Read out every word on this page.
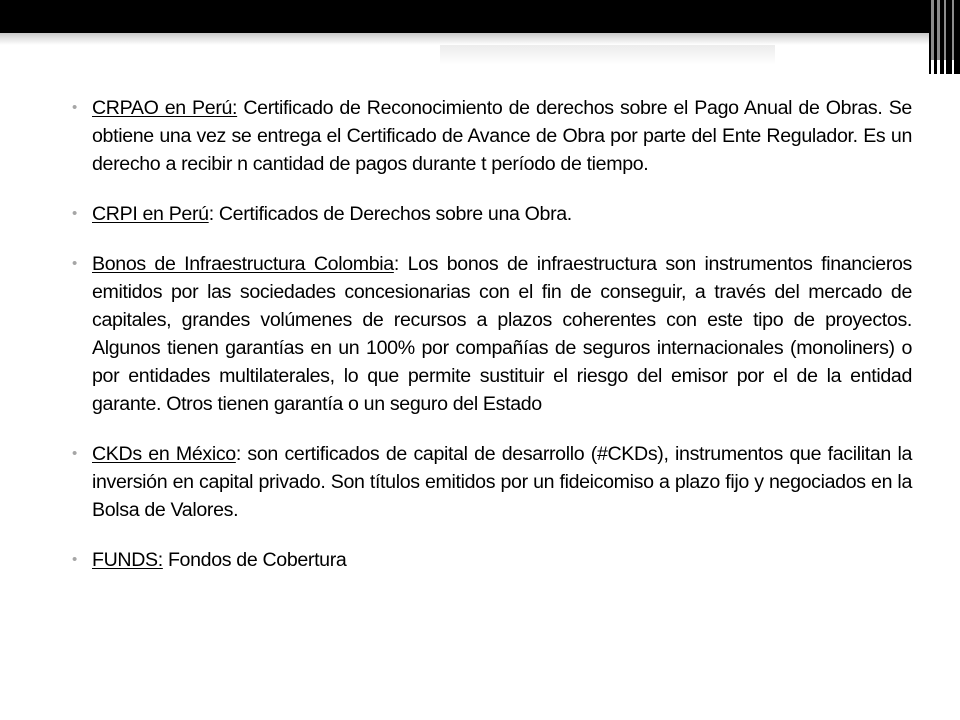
• CRPAO en Perú: Certificado de Reconocimiento de derechos sobre el Pago Anual de Obras. Se obtiene una vez se entrega el Certificado de Avance de Obra por parte del Ente Regulador. Es un derecho a recibir n cantidad de pagos durante t período de tiempo.
• CRPI en Perú: Certificados de Derechos sobre una Obra.
• Bonos de Infraestructura Colombia: Los bonos de infraestructura son instrumentos financieros emitidos por las sociedades concesionarias con el fin de conseguir, a través del mercado de capitales, grandes volúmenes de recursos a plazos coherentes con este tipo de proyectos. Algunos tienen garantías en un 100% por compañías de seguros internacionales (monoliners) o por entidades multilaterales, lo que permite sustituir el riesgo del emisor por el de la entidad garante. Otros tienen garantía o un seguro del Estado
• CKDs en México: son certificados de capital de desarrollo (#CKDs), instrumentos que facilitan la inversión en capital privado. Son títulos emitidos por un fideicomiso a plazo fijo y negociados en la Bolsa de Valores.
• FUNDS: Fondos de Cobertura
